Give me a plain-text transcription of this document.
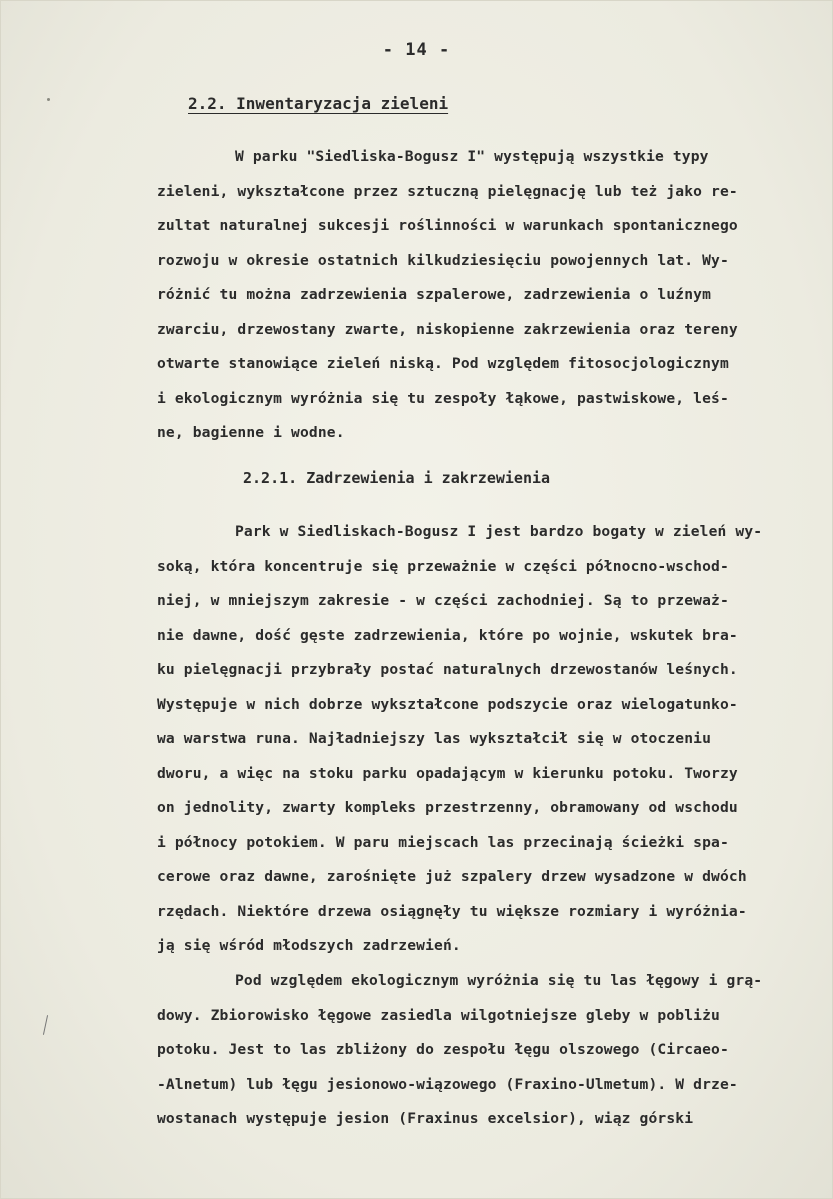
- 14 -
2.2. Inwentaryzacja zieleni
W parku "Siedliska-Bogusz I" występują wszystkie typy
zieleni, wykształcone przez sztuczną pielęgnację lub też jako re-
zultat naturalnej sukcesji roślinności w warunkach spontanicznego
rozwoju w okresie ostatnich kilkudziesięciu powojennych lat. Wy-
różnić tu można zadrzewienia szpalerowe, zadrzewienia o luźnym
zwarciu, drzewostany zwarte, niskopienne zakrzewienia oraz tereny
otwarte stanowiące zieleń niską. Pod względem fitosocjologicznym
i ekologicznym wyróżnia się tu zespoły łąkowe, pastwiskowe, leś-
ne, bagienne i wodne.
2.2.1. Zadrzewienia i zakrzewienia
Park w Siedliskach-Bogusz I jest bardzo bogaty w zieleń wy-
soką, która koncentruje się przeważnie w części północno-wschod-
niej, w mniejszym zakresie - w części zachodniej. Są to przeważ-
nie dawne, dość gęste zadrzewienia, które po wojnie, wskutek bra-
ku pielęgnacji przybrały postać naturalnych drzewostanów leśnych.
Występuje w nich dobrze wykształcone podszycie oraz wielogatunko-
wa warstwa runa. Najładniejszy las wykształcił się w otoczeniu
dworu, a więc na stoku parku opadającym w kierunku potoku. Tworzy
on jednolity, zwarty kompleks przestrzenny, obramowany od wschodu
i północy potokiem. W paru miejscach las przecinają ścieżki spa-
cerowe oraz dawne, zarośnięte już szpalery drzew wysadzone w dwóch
rzędach. Niektóre drzewa osiągnęły tu większe rozmiary i wyróżnia-
ją się wśród młodszych zadrzewień.
Pod względem ekologicznym wyróżnia się tu las łęgowy i grą-
dowy. Zbiorowisko łęgowe zasiedla wilgotniejsze gleby w pobliżu
potoku. Jest to las zbliżony do zespołu łęgu olszowego (Circaeo-
-Alnetum) lub łęgu jesionowo-wiązowego (Fraxino-Ulmetum). W drze-
wostanach występuje jesion (Fraxinus excelsior), wiąz górski
